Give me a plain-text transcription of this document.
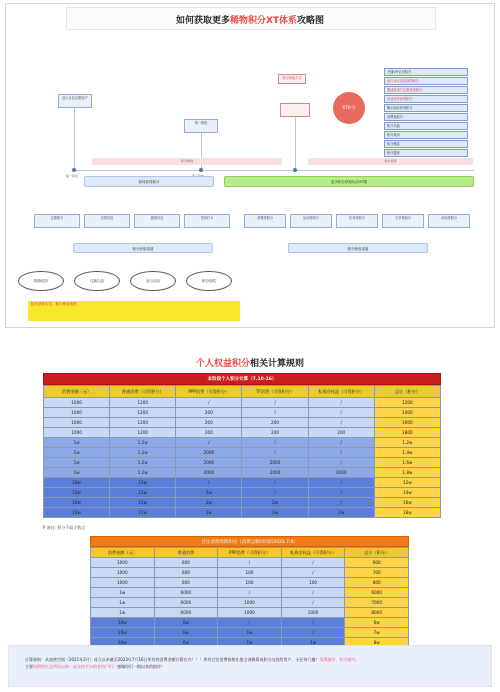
如何获取更多稀物积分XT体系攻略图
加入社区注册用户
第一阶段
积分获取方式
XT积分
开通VIP会员积分
参与社区活动获得积分
邀请新用户注册获得积分
完成任务获得积分
购买商品获得积分
消费返积分
积分兑换
积分抵扣
积分赠送
积分提现
积分规则	积分使用
第一阶段
如何获得积分	更多积分获取玩法XT图
注册账号	完善信息	邀请好友	签到打卡	消费得积分	活动得积分	任务得积分	分享得积分	评论得积分
积分获取渠道	积分使用渠道
购物抵扣	兑换礼品	参与活动	积分抽奖
积分获取方式，积分使用规则
个人权益积分相关计算规则
本阶段个人积分计算（7.10-16）
消费金额（元）	普通消费（可得积分）	PPP消费（可得积分）	TF消费（可得积分）	私募会权益（可得积分）	总计（积分）
1000	1200	/	/	/	1200
1000	1200	200	/	/	1400
1000	1200	200	200	/	1600
1000	1200	200	200	200	1800
1w	1.2w	/	/	/	1.2w
1w	1.2w	2000	/	/	1.4w
1w	1.2w	2000	2000	/	1.6w
1w	1.2w	2000	2000	2000	1.8w
10w	12w	/	/	/	12w
10w	12w	2w	/	/	14w
10w	12w	2w	2w	/	16w
10w	12w	2w	2w	2w	18w
P 备注: 积分不取小数点
过往消费周期积分（消费总额时间段2023.7.9）
消费金额（元）	普通消费	PPP消费（可得积分）	私募会权益（可得积分）	总计（积分）
1000	600	/	/	600
1000	600	100	/	700
1000	600	100	100	800
1w	6000	/	/	6000
1w	6000	1000	/	7000
1w	6000	1000	1000	8000
10w	6w	/	/	6w
10w	6w	1w	/	7w
10w	6w	1w	1w	8w
计算规则：从加密空间（2021年3月）成立以来截至2023年7月16日所有的消费金额计算在内！！！所有过往消费按照比值全部换算成积分交投给用户，无任何门槛！消费越多，积分越多。
主要回馈给过去两年以来一直支持平台的老用户们！感谢你们一路以来的陪伴！
